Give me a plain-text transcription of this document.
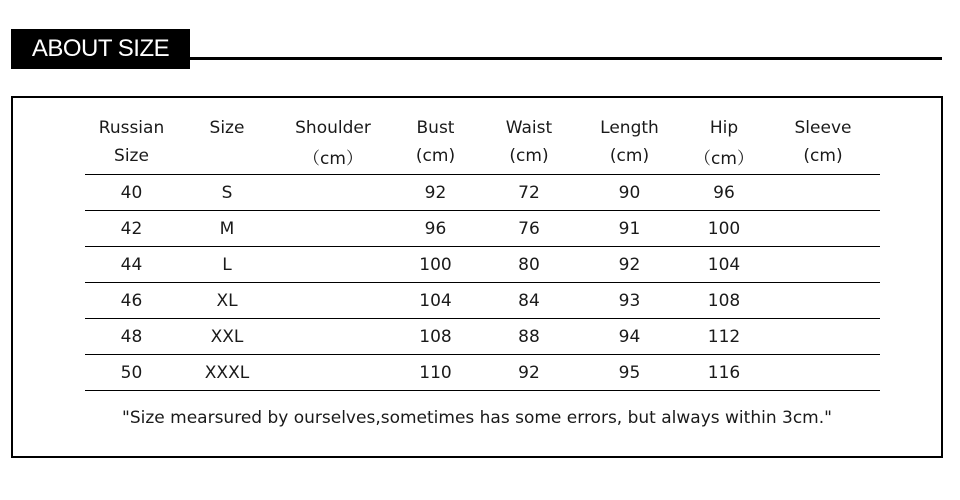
ABOUT SIZE
Russian	Size	Shoulder	Bust	Waist	Length	Hip	Sleeve
Size		（cm）	(cm)	(cm)	(cm)	（cm）	(cm)
40	S		92	72	90	96	
42	M		96	76	91	100	
44	L		100	80	92	104	
46	XL		104	84	93	108	
48	XXL		108	88	94	112	
50	XXXL		110	92	95	116	
"Size mearsured by ourselves,sometimes has some errors, but always within 3cm."
